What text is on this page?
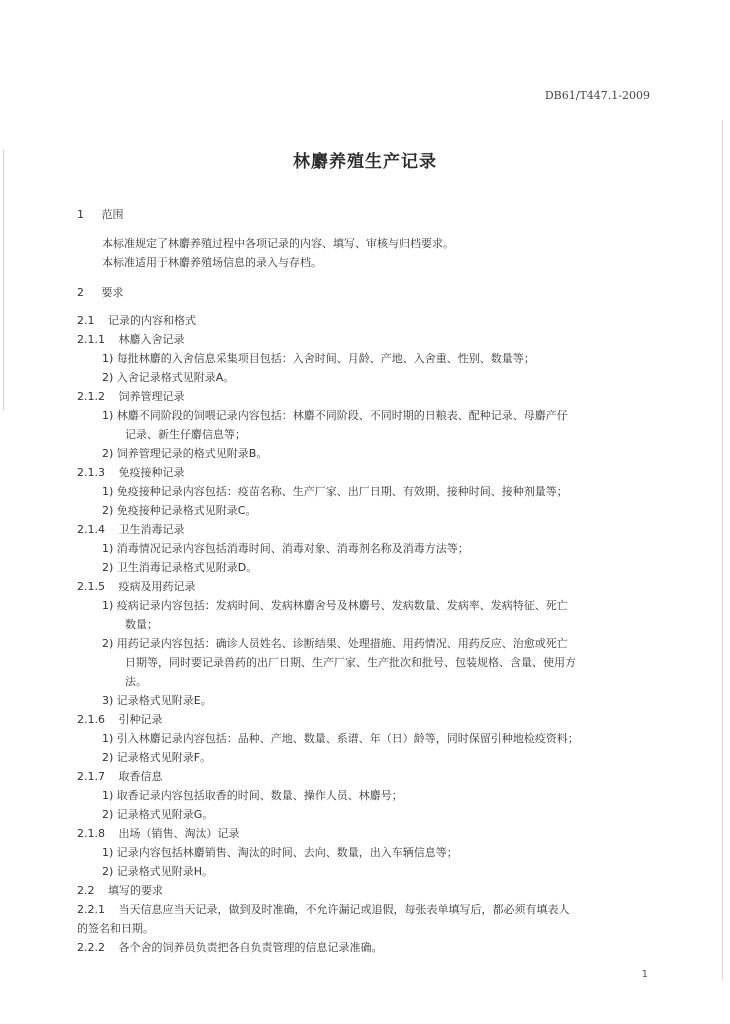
DB61/T447.1-2009
林麝养殖生产记录
1 范围
本标准规定了林麝养殖过程中各项记录的内容、填写、审核与归档要求。
本标准适用于林麝养殖场信息的录入与存档。
2 要求
2.1 记录的内容和格式
2.1.1 林麝入舍记录
1) 每批林麝的入舍信息采集项目包括：入舍时间、月龄、产地、入舍重、性别、数量等；
2) 入舍记录格式见附录A。
2.1.2 饲养管理记录
1) 林麝不同阶段的饲喂记录内容包括：林麝不同阶段、不同时期的日粮表、配种记录、母麝产仔
记录、新生仔麝信息等；
2) 饲养管理记录的格式见附录B。
2.1.3 免疫接种记录
1) 免疫接种记录内容包括：疫苗名称、生产厂家、出厂日期、有效期、接种时间、接种剂量等；
2) 免疫接种记录格式见附录C。
2.1.4 卫生消毒记录
1) 消毒情况记录内容包括消毒时间、消毒对象、消毒剂名称及消毒方法等；
2) 卫生消毒记录格式见附录D。
2.1.5 疫病及用药记录
1) 疫病记录内容包括：发病时间、发病林麝舍号及林麝号、发病数量、发病率、发病特征、死亡
数量；
2) 用药记录内容包括：确诊人员姓名、诊断结果、处理措施、用药情况、用药反应、治愈或死亡
日期等，同时要记录兽药的出厂日期、生产厂家、生产批次和批号、包装规格、含量、使用方
法。
3) 记录格式见附录E。
2.1.6 引种记录
1) 引入林麝记录内容包括：品种、产地、数量、系谱、年（日）龄等，同时保留引种地检疫资料；
2) 记录格式见附录F。
2.1.7 取香信息
1) 取香记录内容包括取香的时间、数量、操作人员、林麝号；
2) 记录格式见附录G。
2.1.8 出场（销售、淘汰）记录
1) 记录内容包括林麝销售、淘汰的时间、去向、数量，出入车辆信息等；
2) 记录格式见附录H。
2.2 填写的要求
2.2.1 当天信息应当天记录，做到及时准确，不允许漏记或追假，每张表单填写后，都必须有填表人
的签名和日期。
2.2.2 各个舍的饲养员负责把各自负责管理的信息记录准确。
1
